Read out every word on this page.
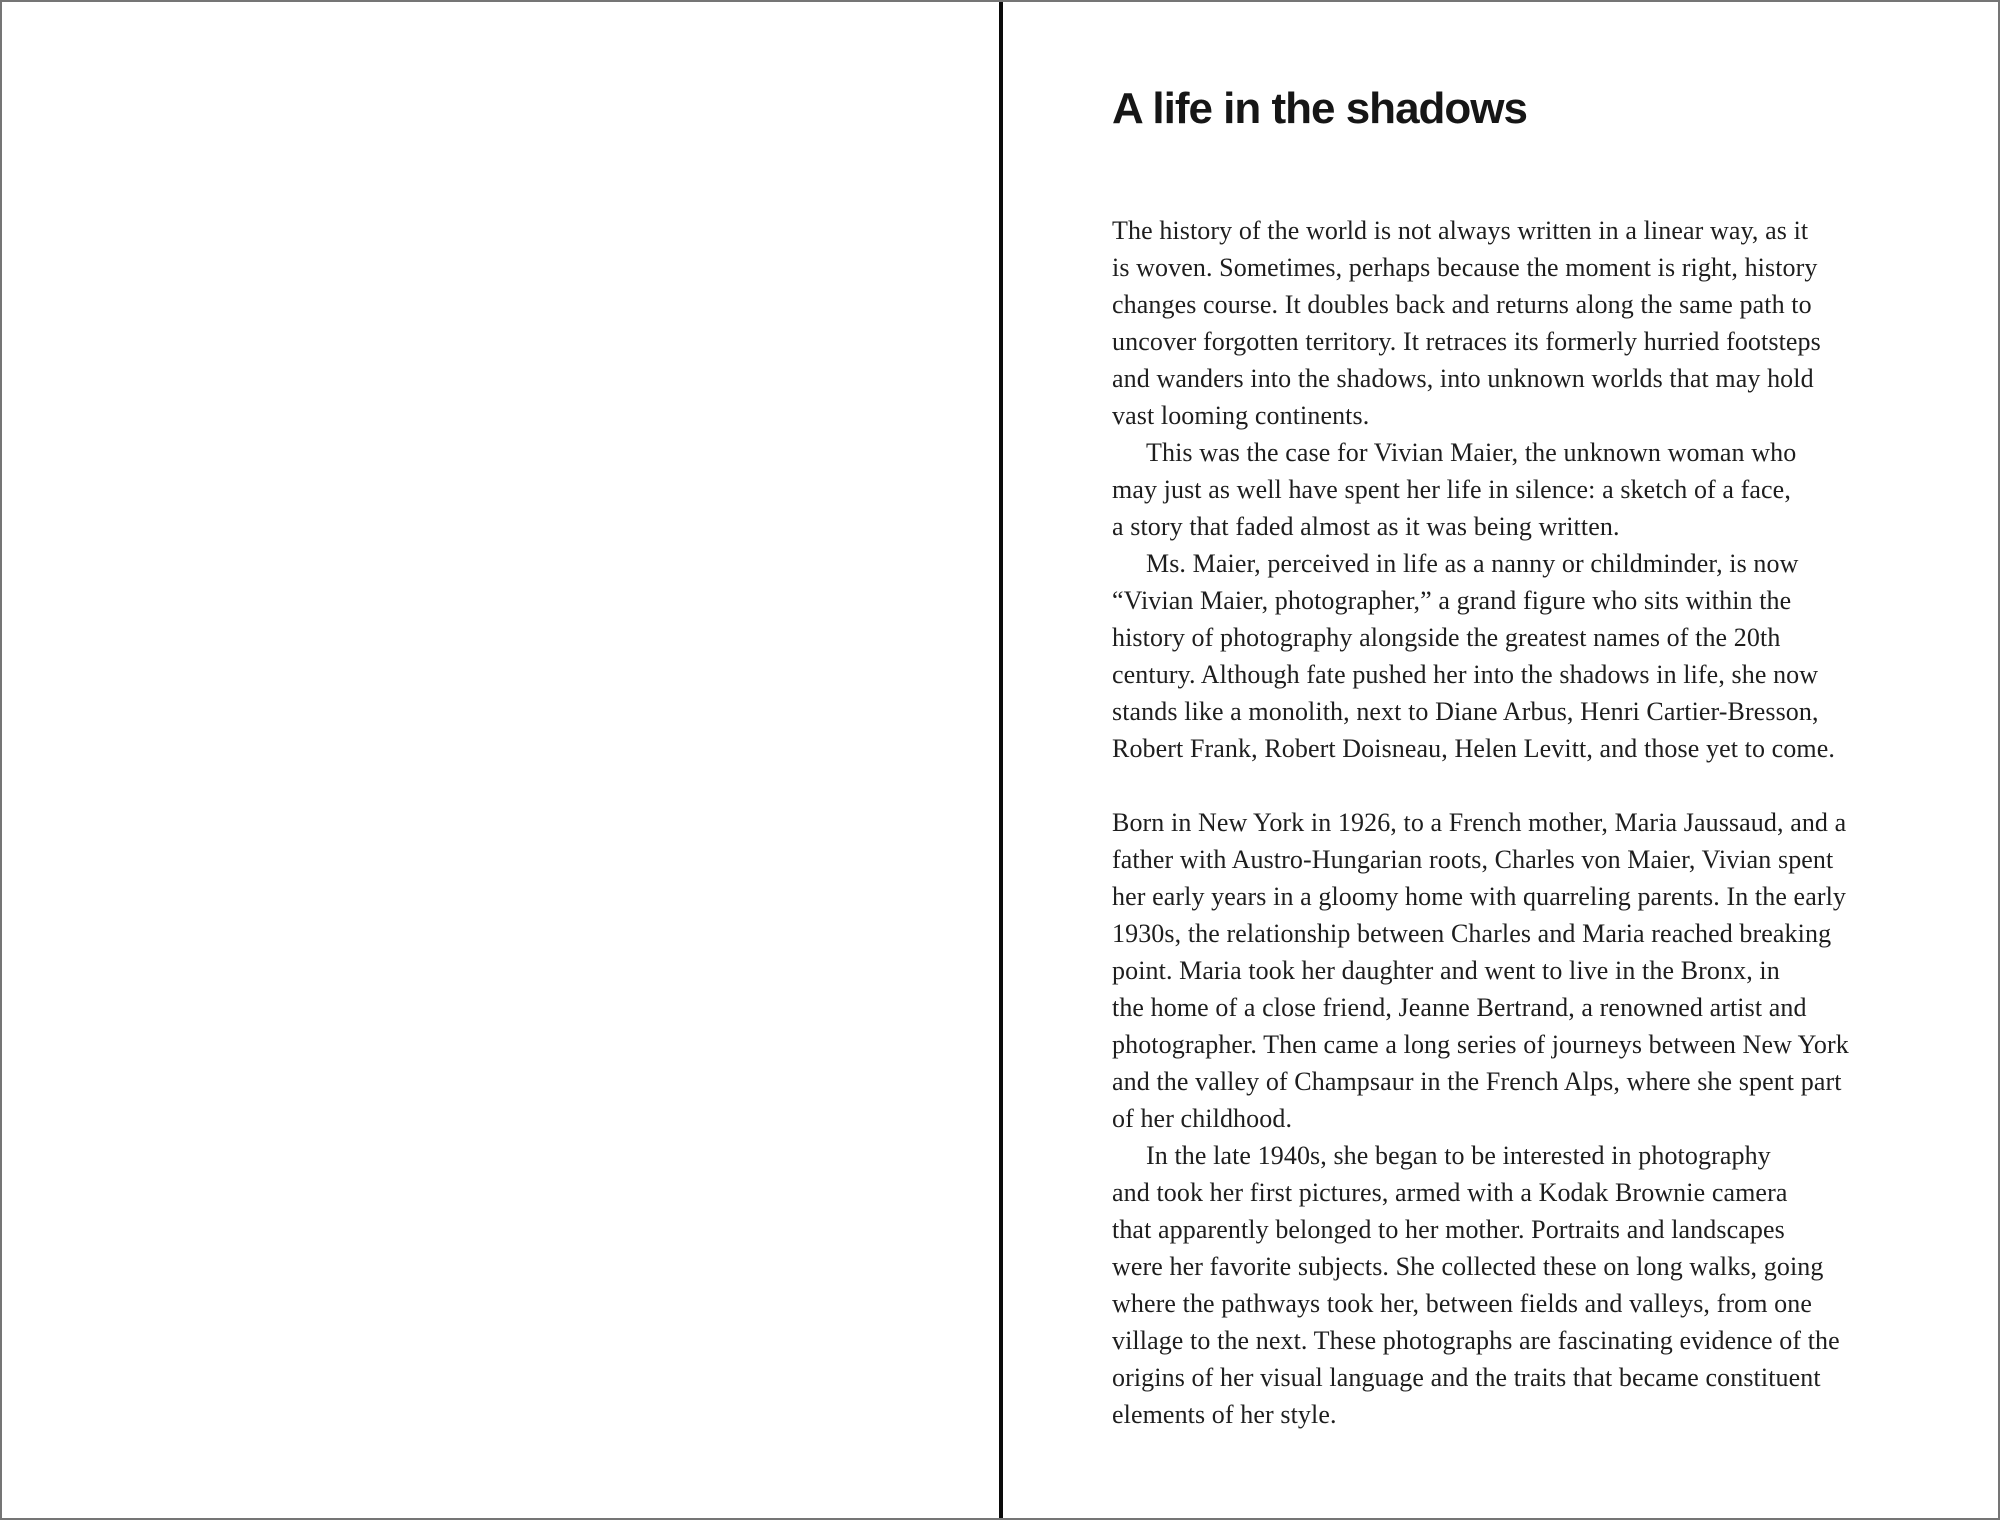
A life in the shadows

The history of the world is not always written in a linear way, as it
is woven. Sometimes, perhaps because the moment is right, history
changes course. It doubles back and returns along the same path to
uncover forgotten territory. It retraces its formerly hurried footsteps
and wanders into the shadows, into unknown worlds that may hold
vast looming continents.

This was the case for Vivian Maier, the unknown woman who
may just as well have spent her life in silence: a sketch of a face,
a story that faded almost as it was being written.

Ms. Maier, perceived in life as a nanny or childminder, is now
“Vivian Maier, photographer,” a grand figure who sits within the
history of photography alongside the greatest names of the 20th
century. Although fate pushed her into the shadows in life, she now
stands like a monolith, next to Diane Arbus, Henri Cartier-Bresson,
Robert Frank, Robert Doisneau, Helen Levitt, and those yet to come.

Born in New York in 1926, to a French mother, Maria Jaussaud, and a
father with Austro-Hungarian roots, Charles von Maier, Vivian spent
her early years in a gloomy home with quarreling parents. In the early
1930s, the relationship between Charles and Maria reached breaking
point. Maria took her daughter and went to live in the Bronx, in
the home of a close friend, Jeanne Bertrand, a renowned artist and
photographer. Then came a long series of journeys between New York
and the valley of Champsaur in the French Alps, where she spent part
of her childhood.

In the late 1940s, she began to be interested in photography
and took her first pictures, armed with a Kodak Brownie camera
that apparently belonged to her mother. Portraits and landscapes
were her favorite subjects. She collected these on long walks, going
where the pathways took her, between fields and valleys, from one
village to the next. These photographs are fascinating evidence of the
origins of her visual language and the traits that became constituent
elements of her style.
